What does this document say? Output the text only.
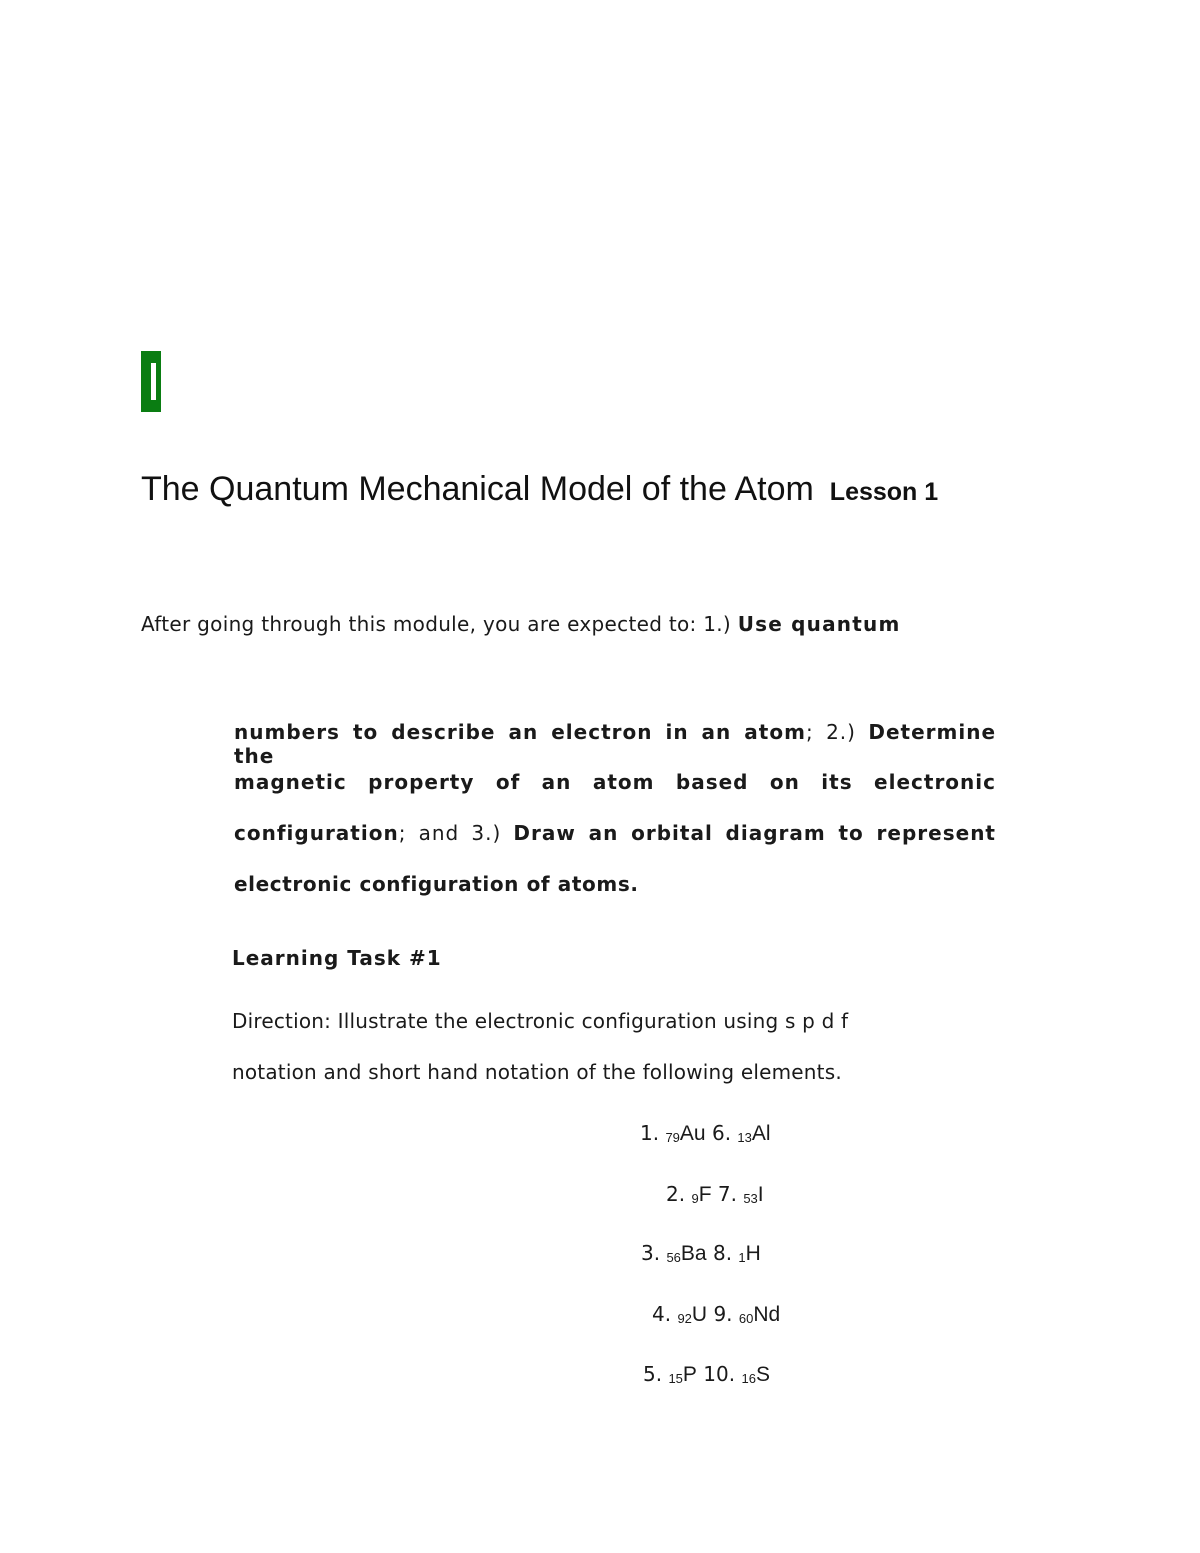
The Quantum Mechanical Model of the Atom Lesson 1
After going through this module, you are expected to: 1.) Use quantum
numbers to describe an electron in an atom; 2.) Determine the
magnetic property of an atom based on its electronic
configuration; and 3.) Draw an orbital diagram to represent
electronic configuration of atoms.
Learning Task #1
Direction: Illustrate the electronic configuration using s p d f
notation and short hand notation of the following elements.
1. $_{79}$Au 6. $_{13}$Al
2. $_9$F 7. $_{53}$I
3. $_{56}$Ba 8. $_1$H
4. $_{92}$U 9. $_{60}$Nd
5. $_{15}$P 10. $_{16}$S
